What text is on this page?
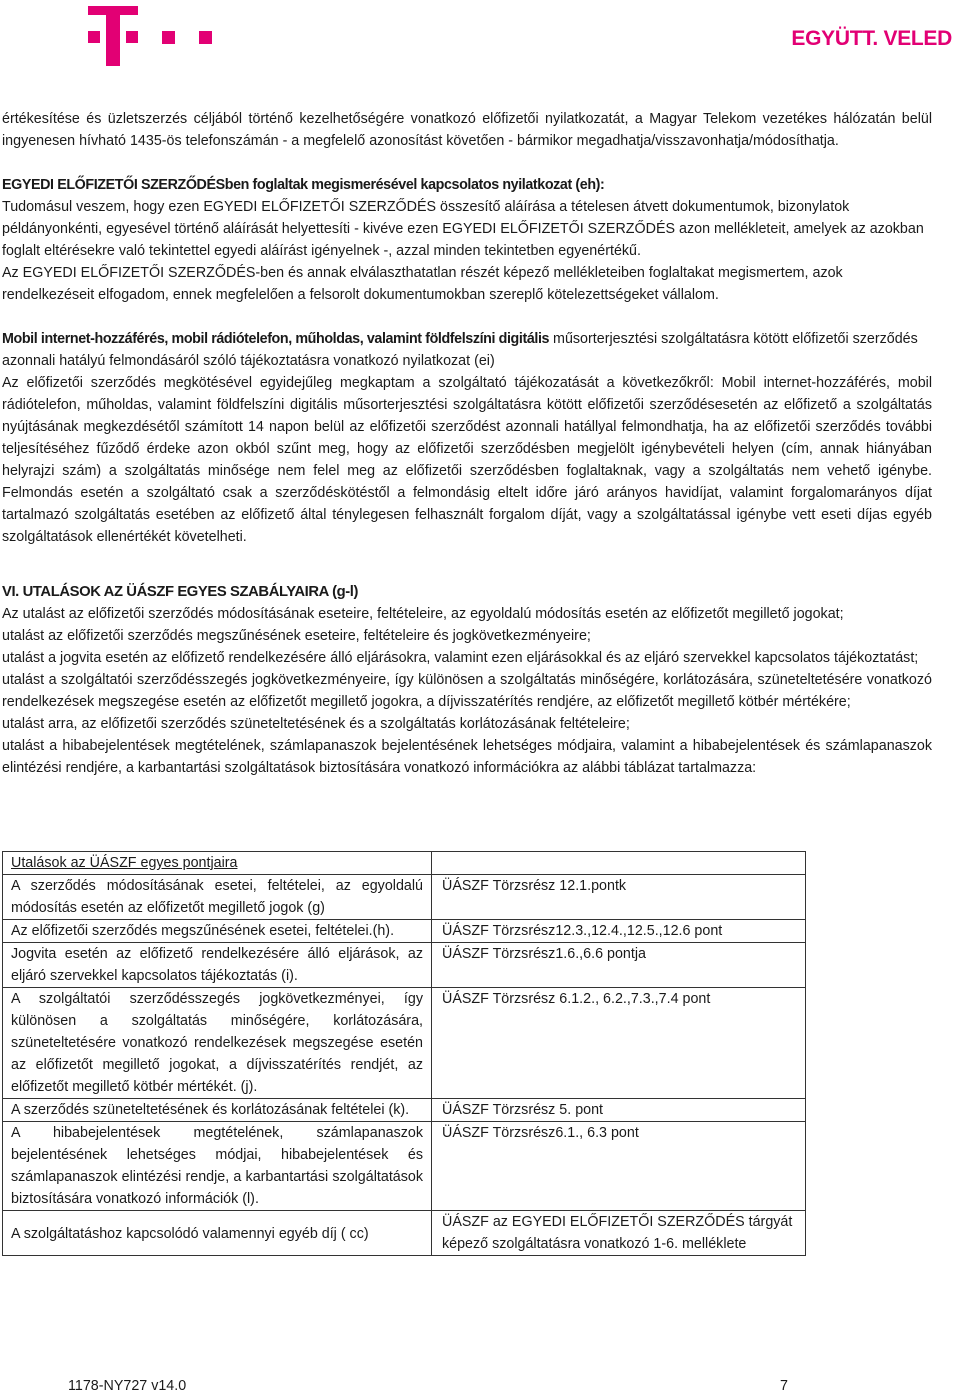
EGYÜTT. VELED

értékesítése és üzletszerzés céljából történő kezelhetőségére vonatkozó előfizetői nyilatkozatát, a Magyar Telekom vezetékes hálózatán belül ingyenesen hívható 1435-ös telefonszámán - a megfelelő azonosítást követően - bármikor megadhatja/visszavonhatja/módosíthatja.

EGYEDI ELŐFIZETŐI SZERZŐDÉSben foglaltak megismerésével kapcsolatos nyilatkozat (eh):

Tudomásul veszem, hogy ezen EGYEDI ELŐFIZETŐI SZERZŐDÉS összesítő aláírása a tételesen átvett dokumentumok, bizonylatok példányonkénti, egyesével történő aláírását helyettesíti - kivéve ezen EGYEDI ELŐFIZETŐI SZERZŐDÉS azon mellékleteit, amelyek az azokban foglalt eltérésekre való tekintettel egyedi aláírást igényelnek -, azzal minden tekintetben egyenértékű.

Az EGYEDI ELŐFIZETŐI SZERZŐDÉS-ben és annak elválaszthatatlan részét képező mellékleteiben foglaltakat megismertem, azok rendelkezéseit elfogadom, ennek megfelelően a felsorolt dokumentumokban szereplő kötelezettségeket vállalom.

Mobil internet-hozzáférés, mobil rádiótelefon, műholdas, valamint földfelszíni digitális műsorterjesztési szolgáltatásra kötött előfizetői szerződés azonnali hatályú felmondásáról szóló tájékoztatásra vonatkozó nyilatkozat (ei)

Az előfizetői szerződés megkötésével egyidejűleg megkaptam a szolgáltató tájékozatását a következőkről: Mobil internet-hozzáférés, mobil rádiótelefon, műholdas, valamint földfelszíni digitális műsorterjesztési szolgáltatásra kötött előfizetői szerződésesetén az előfizető a szolgáltatás nyújtásának megkezdésétől számított 14 napon belül az előfizetői szerződést azonnali hatállyal felmondhatja, ha az előfizetői szerződés további teljesítéséhez fűződő érdeke azon okból szűnt meg, hogy az előfizetői szerződésben megjelölt igénybevételi helyen (cím, annak hiányában helyrajzi szám) a szolgáltatás minősége nem felel meg az előfizetői szerződésben foglaltaknak, vagy a szolgáltatás nem vehető igénybe. Felmondás esetén a szolgáltató csak a szerződéskötéstől a felmondásig eltelt időre járó arányos havidíjat, valamint forgalomarányos díjat tartalmazó szolgáltatás esetében az előfizető által ténylegesen felhasznált forgalom díját, vagy a szolgáltatással igénybe vett eseti díjas egyéb szolgáltatások ellenértékét követelheti.

VI. UTALÁSOK AZ ÜÁSZF EGYES SZABÁLYAIRA (g-l)

Az utalást az előfizetői szerződés módosításának eseteire, feltételeire, az egyoldalú módosítás esetén az előfizetőt megillető jogokat;

utalást az előfizetői szerződés megszűnésének eseteire, feltételeire és jogkövetkezményeire;

utalást a jogvita esetén az előfizető rendelkezésére álló eljárásokra, valamint ezen eljárásokkal és az eljáró szervekkel kapcsolatos tájékoztatást;

utalást a szolgáltatói szerződésszegés jogkövetkezményeire, így különösen a szolgáltatás minőségére, korlátozására, szüneteltetésére vonatkozó rendelkezések megszegése esetén az előfizetőt megillető jogokra, a díjvisszatérítés rendjére, az előfizetőt megillető kötbér mértékére;

utalást arra, az előfizetői szerződés szüneteltetésének és a szolgáltatás korlátozásának feltételeire;

utalást a hibabejelentések megtételének, számlapanaszok bejelentésének lehetséges módjaira, valamint a hibabejelentések és számlapanaszok elintézési rendjére, a karbantartási szolgáltatások biztosítására vonatkozó információkra az alábbi táblázat tartalmazza:

Utalások az ÜÁSZF egyes pontjaira	
A szerződés módosításának esetei, feltételei, az egyoldalú módosítás esetén az előfizetőt megillető jogok (g)	ÜÁSZF Törzsrész 12.1.pontk
Az előfizetői szerződés megszűnésének esetei, feltételei.(h).	ÜÁSZF Törzsrész12.3.,12.4.,12.5.,12.6 pont
Jogvita esetén az előfizető rendelkezésére álló eljárások, az eljáró szervekkel kapcsolatos tájékoztatás (i).	ÜÁSZF Törzsrész1.6.,6.6 pontja
A szolgáltatói szerződésszegés jogkövetkezményei, így különösen a szolgáltatás minőségére, korlátozására, szüneteltetésére vonatkozó rendelkezések megszegése esetén az előfizetőt megillető jogokat, a díjvisszatérítés rendjét, az előfizetőt megillető kötbér mértékét. (j).	ÜÁSZF Törzsrész 6.1.2., 6.2.,7.3.,7.4 pont
A szerződés szüneteltetésének és korlátozásának feltételei (k).	ÜÁSZF Törzsrész 5. pont
A hibabejelentések megtételének, számlapanaszok bejelentésének lehetséges módjai, hibabejelentések és számlapanaszok elintézési rendje, a karbantartási szolgáltatások biztosítására vonatkozó információk (l).	ÜÁSZF Törzsrész6.1., 6.3 pont
A szolgáltatáshoz kapcsolódó valamennyi egyéb díj ( cc)	ÜÁSZF az EGYEDI ELŐFIZETŐI SZERZŐDÉS tárgyát képező szolgáltatásra vonatkozó 1-6. melléklete
1178-NY727 v14.0	7
